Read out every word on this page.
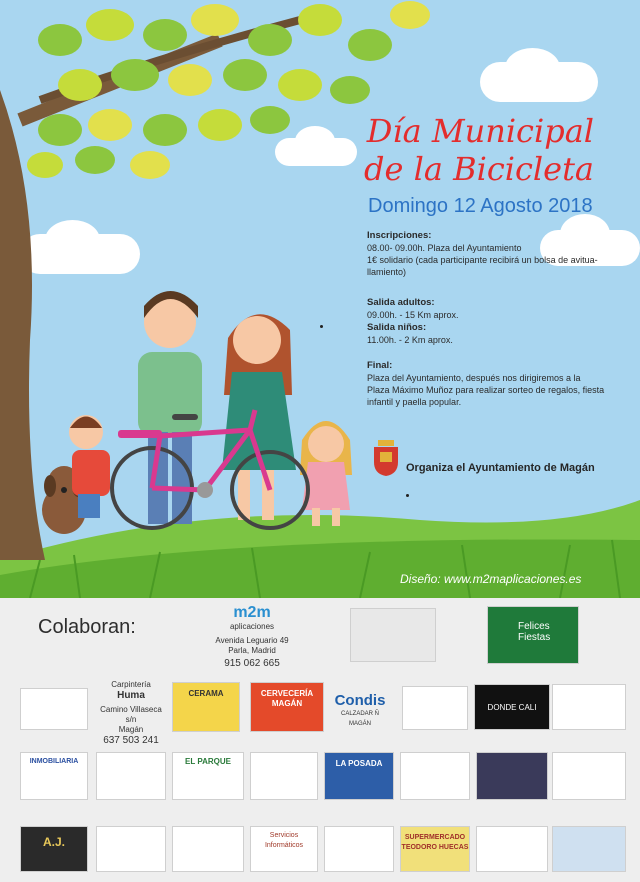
Día Municipal
de la Bicicleta
Domingo 12 Agosto 2018
Inscripciones:
08.00- 09.00h. Plaza del Ayuntamiento
1€ solidario (cada participante recibirá un bolsa de avitua-llamiento)
Salida adultos:
09.00h. - 15 Km aprox.
Salida niños:
11.00h. - 2 Km aprox.
Final:
Plaza del Ayuntamiento, después nos dirigiremos a la Plaza Máximo Muñoz para realizar sorteo de regalos, fiesta infantil y paella popular.
Organiza el Ayuntamiento de Magán
Diseño: www.m2maplicaciones.es
Colaboran:
m2m
aplicaciones
Avenida Leguario 49
Parla, Madrid
915 062 665
Felices Fiestas
Carpintería
Huma
Camino Villaseca s/n
Magán
637 503 241
CERAMA	CERVECERÍA MAGÁN	Condis
CALZADAR Ñ MAGÁN
DONDE CALI
INMOBILIARIA	EL PARQUE	LA POSADA
A.J.	Servicios Informáticos
SUPERMERCADO TEODORO HUECAS
